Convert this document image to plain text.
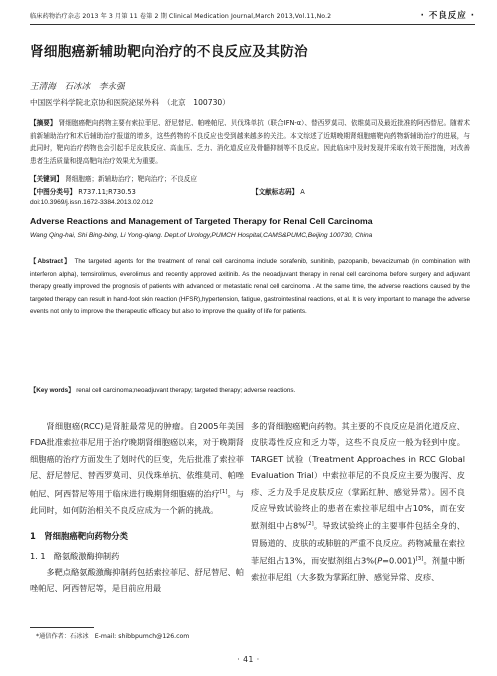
临床药物治疗杂志 2013 年 3 月第 11 卷第 2 期 Clinical Medication Journal,March 2013,Vol.11,No.2	· 不良反应 ·
肾细胞癌新辅助靶向治疗的不良反应及其防治
王清海　石冰冰　李永强
中国医学科学院北京协和医院泌尿外科　（北京　100730）
【摘要】 肾细胞癌靶向药物主要有索拉菲尼、舒尼替尼、帕唑帕尼、贝伐珠单抗（联合IFN-α）、替西罗莫司、依维莫司及最近批准的阿西替尼。随着术前新辅助治疗和术后辅助治疗报道的增多，这些药物的不良反应也受到越来越多的关注。本文综述了近期晚期肾细胞癌靶向药物新辅助治疗的进展，与此同时，靶向治疗药物也会引起手足皮肤反应、高血压、乏力、消化道反应及骨髓抑制等不良反应。因此临床中及时发现并采取有效干预措施，对改善患者生活质量和提高靶向治疗效果尤为重要。
【关键词】 肾细胞癌；新辅助治疗；靶向治疗；不良反应
【中图分类号】 R737.11;R730.53	【文献标志码】 A
doi:10.3969/j.issn.1672-3384.2013.02.012
Adverse Reactions and Management of Targeted Therapy for Renal Cell Carcinoma
Wang Qing-hai, Shi Bing-bing, Li Yong-qiang. Dept.of Urology,PUMCH Hospital,CAMS&PUMC,Beijing 100730, China
【Abstract】 The targeted agents for the treatment of renal cell carcinoma include sorafenib, sunitinib, pazopanib, bevacizumab (in combination with interferon alpha), temsirolimus, everolimus and recently approved axitinib. As the neoadjuvant therapy in renal cell carcinoma before surgery and adjuvant therapy greatly improved the prognosis of patients with advanced or metastatic renal cell carcinoma . At the same time, the adverse reactions caused by the targeted therapy can result in hand-foot skin reaction (HFSR),hypertension, fatigue, gastrointestinal reactions, et al. It is very important to manage the adverse events not only to improve the therapeutic efficacy but also to improve the quality of life for patients.
【Key words】 renal cell carcinoma;neoadjuvant therapy; targeted therapy; adverse reactions.

肾细胞癌(RCC)是肾脏最常见的肿瘤。自2005年美国FDA批准索拉菲尼用于治疗晚期肾细胞癌以来，对于晚期肾细胞癌的治疗方面发生了划时代的巨变，先后批准了索拉菲尼、舒尼替尼、替西罗莫司、贝伐珠单抗、依维莫司、帕唑帕尼、阿西替尼等用于临床进行晚期肾细胞癌的治疗[1]。与此同时，如何防治相关不良反应成为一个新的挑战。

1　肾细胞癌靶向药物分类
1. 1　酪氨酸激酶抑制药

多靶点酪氨酸激酶抑制药包括索拉菲尼、舒尼替尼、帕唑帕尼、阿西替尼等，是目前应用最

多的肾细胞癌靶向药物。其主要的不良反应是消化道反应、皮肤毒性反应和乏力等，这些不良反应一般为轻到中度。TARGET 试验（Treatment Approaches in RCC Global Evaluation Trial）中索拉菲尼的不良反应主要为腹泻、皮疹、乏力及手足皮肤反应（掌跖红肿、感觉异常）。因不良反应导致试验终止的患者在索拉菲尼组中占10%，而在安慰剂组中占8%[2]。导致试验终止的主要事件包括全身的、胃肠道的、皮肤的或肺脏的严重不良反应。药物减量在索拉菲尼组占13%，而安慰剂组占3%(P=0.001)[3]。剂量中断索拉菲尼组（大多数为掌跖红肿、感觉异常、皮疹、

*通信作者：石冰冰　E-mail: shibbpumch@126.com
· 41 ·
